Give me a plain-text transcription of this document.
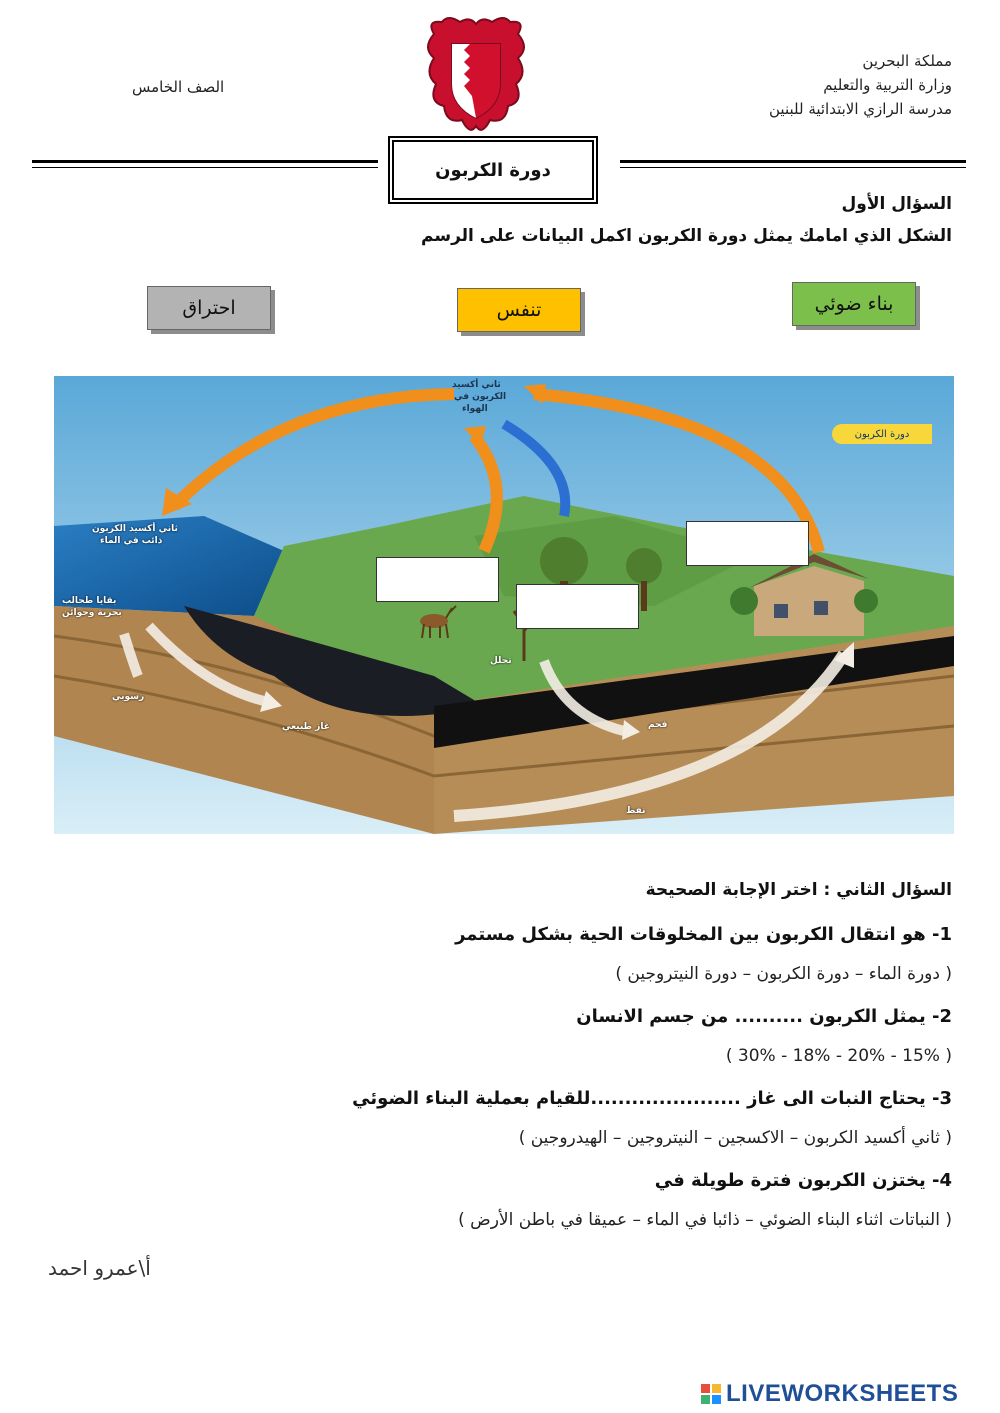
مملكة البحرين
وزارة التربية والتعليم
مدرسة الرازي الابتدائية للبنين
الصف الخامس
دورة الكربون
السؤال الأول
الشكل الذي امامك يمثل دورة الكربون اكمل البيانات على الرسم
احتراق	تنفس	بناء ضوئي
دورة الكربون
ثاني أكسيد
الكربون في
الهواء
ثاني أكسيد الكربون
ذائب في الماء
بقايا طحالب
بحرية وحوائن
رسوبي
غاز طبيعي
تحلل
فحم
نفط
السؤال الثاني : اختر الإجابة الصحيحة
1- هو انتقال الكربون بين المخلوقات الحية بشكل مستمر
( دورة الماء – دورة الكربون – دورة النيتروجين )
2- يمثل الكربون .......... من جسم الانسان
( 15% - 20% - 18% - 30% )
3- يحتاج النبات الى غاز ......................للقيام بعملية البناء الضوئي
( ثاني أكسيد الكربون – الاكسجين – النيتروجين – الهيدروجين )
4- يختزن الكربون فترة طويلة في
( النباتات اثناء البناء الضوئي – ذائبا في الماء – عميقا في باطن الأرض )
أ\عمرو احمد
LIVEWORKSHEETS
